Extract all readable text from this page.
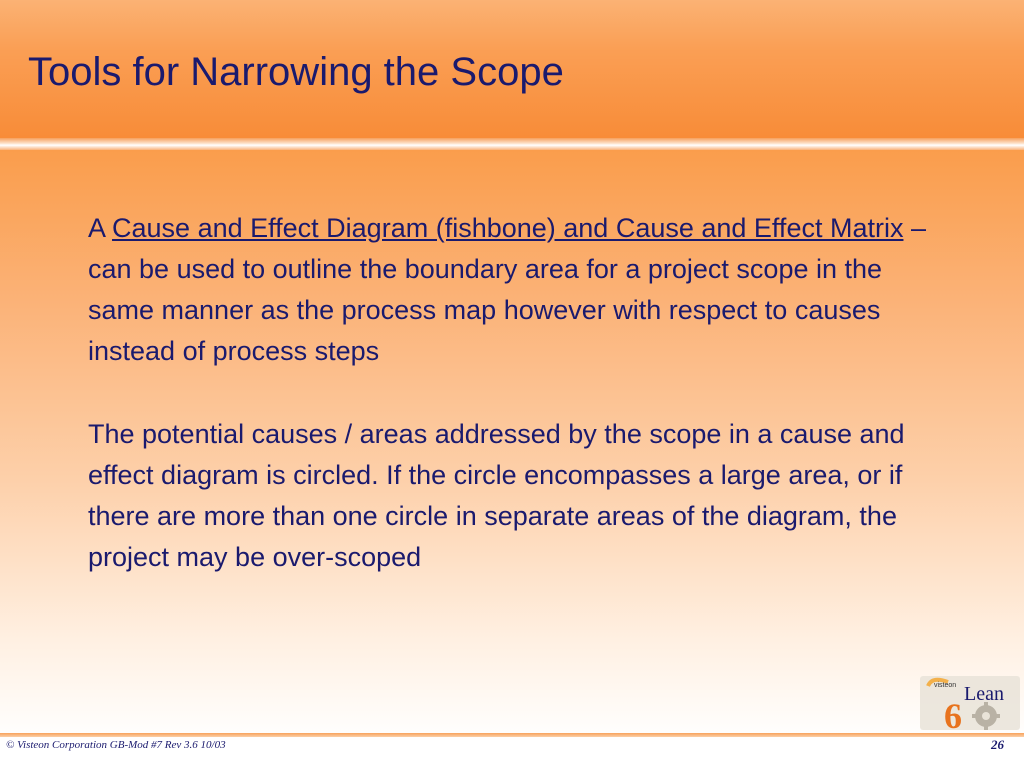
Tools for Narrowing the Scope

A Cause and Effect Diagram (fishbone) and Cause and Effect Matrix – can be used to outline the boundary area for a project scope in the same manner as the process map however with respect to causes instead of process steps

The potential causes / areas addressed by the scope in a cause and effect diagram is circled. If the circle encompasses a large area, or if there are more than one circle in separate areas of the diagram, the project may be over-scoped

visteon
6
Lean
© Visteon Corporation GB-Mod #7 Rev 3.6 10/03	26
